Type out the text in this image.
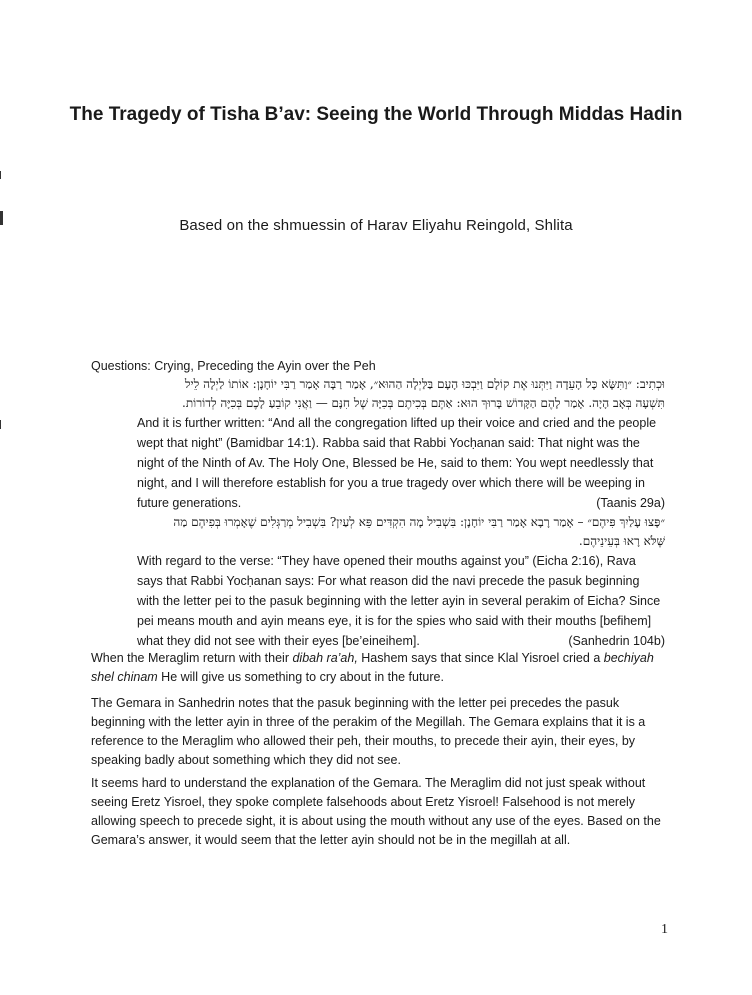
The Tragedy of Tisha B’av: Seeing the World Through Middas Hadin
Based on the shmuessin of Harav Eliyahu Reingold, Shlita
Questions: Crying, Preceding the Ayin over the Peh
וּכְתִיב: ״וַתִּשָּׂא כָּל הָעֵדָה וַיִּתְּנוּ אֶת קוֹלָם וַיִּבְכּוּ הָעָם בַּלַּיְלָה הַהוּא״, אָמַר רַבָּה אָמַר רַבִּי יוֹחָנָן: אוֹתוֹ לַיְלָה לֵיל
תִּשְׁעָה בְּאָב הָיָה. אָמַר לָהֶם הַקָּדוֹשׁ בָּרוּךְ הוּא: אַתֶּם בְּכִיתֶם בְּכִיָּה שֶׁל חִנָּם — וַאֲנִי קוֹבֵעַ לָכֶם בְּכִיָּה לְדוֹרוֹת.
And it is further written: “And all the congregation lifted up their voice and cried and the people wept that night” (Bamidbar 14:1). Rabba said that Rabbi Yocḥanan said: That night was the night of the Ninth of Av. The Holy One, Blessed be He, said to them: You wept needlessly that night, and I will therefore establish for you a true tragedy over which there will be weeping in future generations.	(Taanis 29a)
״פָּצוּ עָלַיִךְ פִּיהֶם״ – אָמַר רָבָא אָמַר רַבִּי יוֹחָנָן: בִּשְׁבִיל מָה הִקְדִּים פֵּא לְעַיִן? בִּשְׁבִיל מְרַגְּלִים שֶׁאָמְרוּ בְּפִיהֶם מַה
שֶּׁלֹּא רָאוּ בְּעֵינֵיהֶם.
With regard to the verse: “They have opened their mouths against you” (Eicha 2:16), Rava says that Rabbi Yocḥanan says: For what reason did the navi precede the pasuk beginning with the letter pei to the pasuk beginning with the letter ayin in several perakim of Eicha? Since pei means mouth and ayin means eye, it is for the spies who said with their mouths [befihem] what they did not see with their eyes [be’eineihem].	(Sanhedrin 104b)
When the Meraglim return with their dibah ra’ah, Hashem says that since Klal Yisroel cried a bechiyah shel chinam He will give us something to cry about in the future.
The Gemara in Sanhedrin notes that the pasuk beginning with the letter pei precedes the pasuk beginning with the letter ayin in three of the perakim of the Megillah. The Gemara explains that it is a reference to the Meraglim who allowed their peh, their mouths, to precede their ayin, their eyes, by speaking badly about something which they did not see.
It seems hard to understand the explanation of the Gemara. The Meraglim did not just speak without seeing Eretz Yisroel, they spoke complete falsehoods about Eretz Yisroel! Falsehood is not merely allowing speech to precede sight, it is about using the mouth without any use of the eyes. Based on the Gemara’s answer, it would seem that the letter ayin should not be in the megillah at all.
1
